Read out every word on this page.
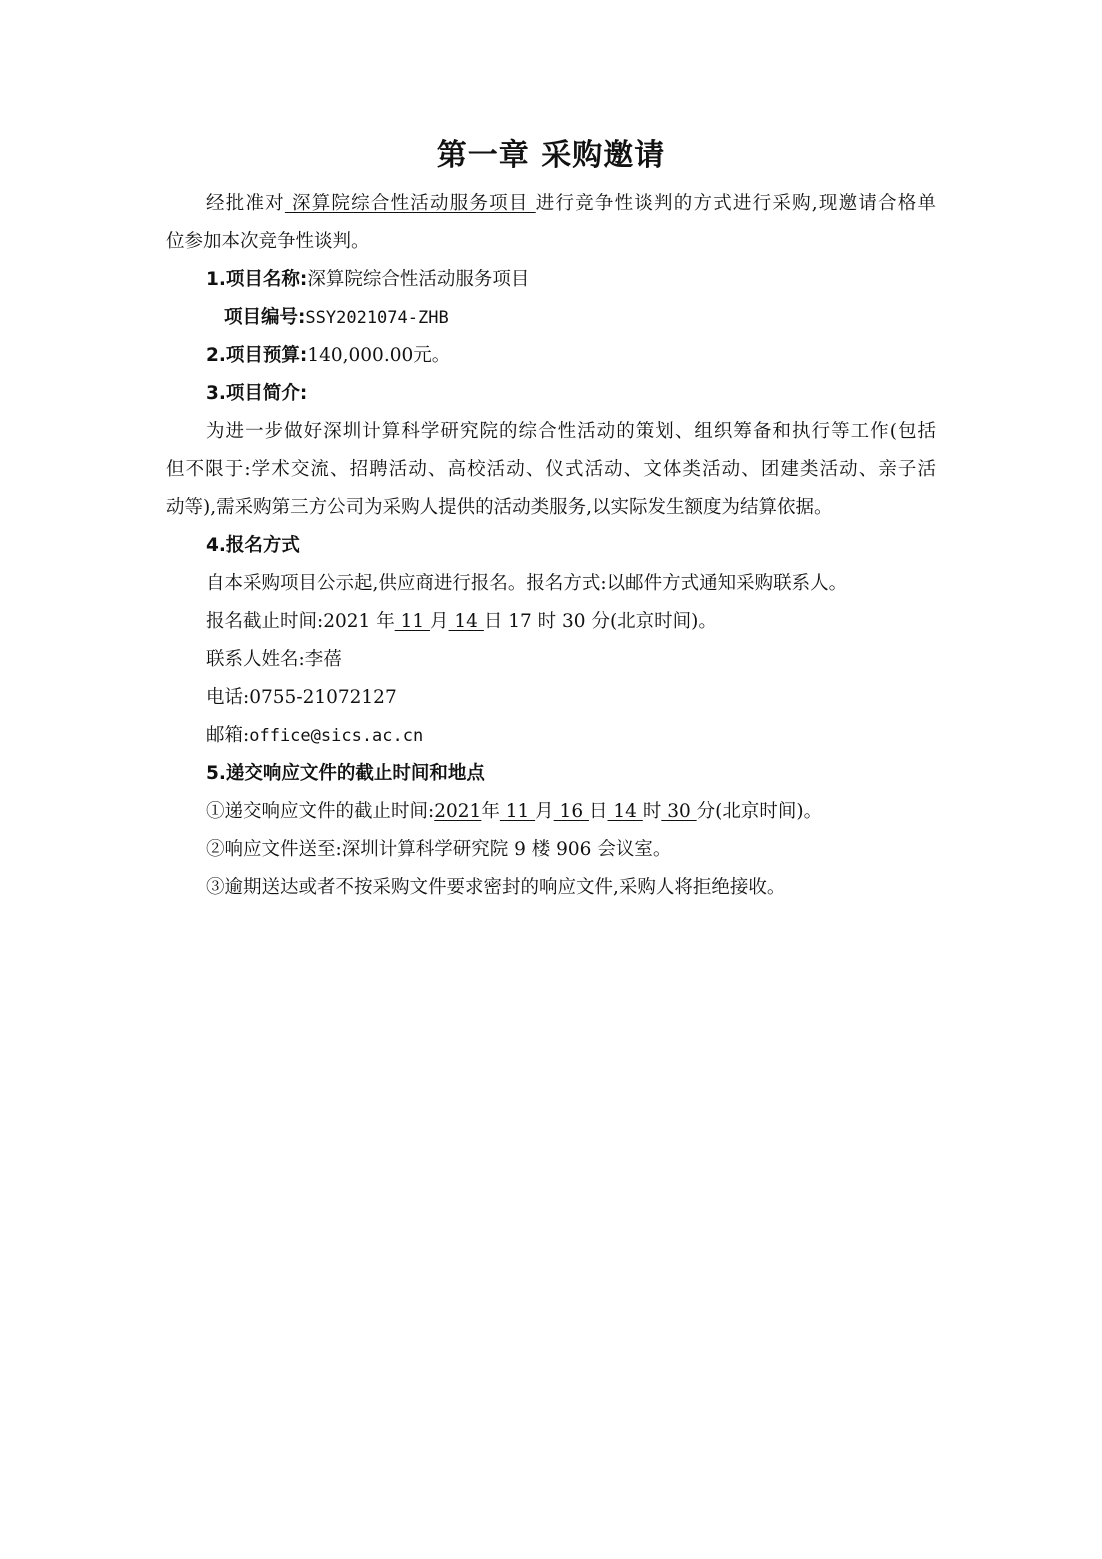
第一章 采购邀请
经批准对 深算院综合性活动服务项目 进行竞争性谈判的方式进行采购,现邀请合格单
位参加本次竞争性谈判。
1.项目名称:深算院综合性活动服务项目
项目编号:SSY2021074-ZHB
2.项目预算:140,000.00元。
3.项目简介:
为进一步做好深圳计算科学研究院的综合性活动的策划、组织筹备和执行等工作(包括
但不限于:学术交流、招聘活动、高校活动、仪式活动、文体类活动、团建类活动、亲子活
动等),需采购第三方公司为采购人提供的活动类服务,以实际发生额度为结算依据。
4.报名方式
自本采购项目公示起,供应商进行报名。报名方式:以邮件方式通知采购联系人。
报名截止时间:2021 年 11 月 14 日 17 时 30 分(北京时间)。
联系人姓名:李蓓
电话:0755-21072127
邮箱:office@sics.ac.cn
5.递交响应文件的截止时间和地点
①递交响应文件的截止时间:2021年 11 月 16 日 14 时 30 分(北京时间)。
②响应文件送至:深圳计算科学研究院 9 楼 906 会议室。
③逾期送达或者不按采购文件要求密封的响应文件,采购人将拒绝接收。
